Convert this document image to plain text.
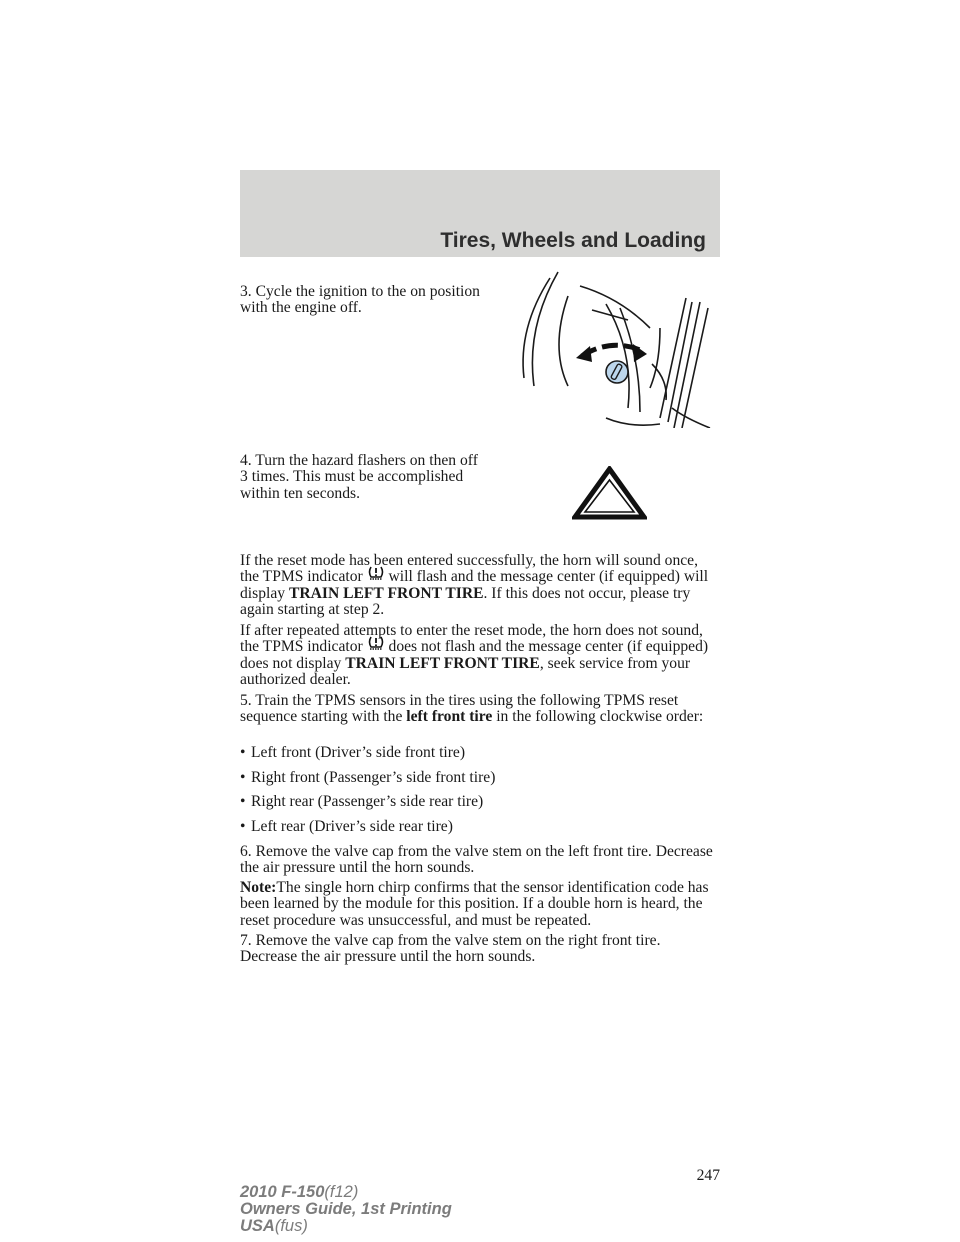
Tires, Wheels and Loading

3. Cycle the ignition to the on position with the engine off.

4. Turn the hazard flashers on then off 3 times. This must be accomplished within ten seconds.

If the reset mode has been entered successfully, the horn will sound once, the TPMS indicator  will flash and the message center (if equipped) will display TRAIN LEFT FRONT TIRE. If this does not occur, please try again starting at step 2.

If after repeated attempts to enter the reset mode, the horn does not sound, the TPMS indicator  does not flash and the message center (if equipped) does not display TRAIN LEFT FRONT TIRE, seek service from your authorized dealer.

5. Train the TPMS sensors in the tires using the following TPMS reset sequence starting with the left front tire in the following clockwise order:

• Left front (Driver’s side front tire)
• Right front (Passenger’s side front tire)
• Right rear (Passenger’s side rear tire)
• Left rear (Driver’s side rear tire)

6. Remove the valve cap from the valve stem on the left front tire. Decrease the air pressure until the horn sounds.

Note:The single horn chirp confirms that the sensor identification code has been learned by the module for this position. If a double horn is heard, the reset procedure was unsuccessful, and must be repeated.

7. Remove the valve cap from the valve stem on the right front tire. Decrease the air pressure until the horn sounds.

247
2010 F-150(f12)
Owners Guide, 1st Printing
USA(fus)
